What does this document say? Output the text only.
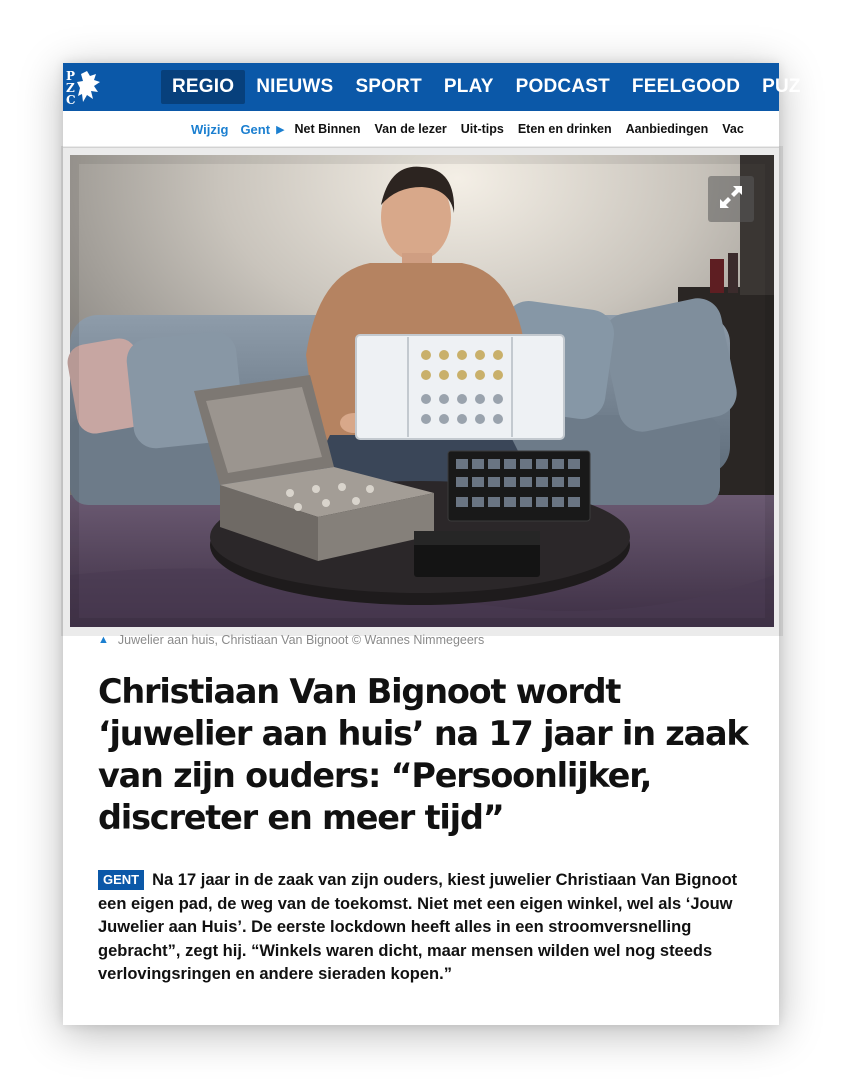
P
Z
C
REGIO	NIEUWS	SPORT	PLAY	PODCAST	FEELGOOD	PUZ
Wijzig Gent ▶ Net Binnen Van de lezer Uit-tips Eten en drinken Aanbiedingen Vac
▲ Juwelier aan huis, Christiaan Van Bignoot © Wannes Nimmegeers
Christiaan Van Bignoot wordt ‘juwelier aan huis’ na 17 jaar in zaak van zijn ouders: “Persoonlijker, discreter en meer tijd”

GENT Na 17 jaar in de zaak van zijn ouders, kiest juwelier Christiaan Van Bignoot een eigen pad, de weg van de toekomst. Niet met een eigen winkel, wel als ‘Jouw Juwelier aan Huis’. De eerste lockdown heeft alles in een stroomversnelling gebracht”, zegt hij. “Winkels waren dicht, maar mensen wilden wel nog steeds verlovingsringen en andere sieraden kopen.”
